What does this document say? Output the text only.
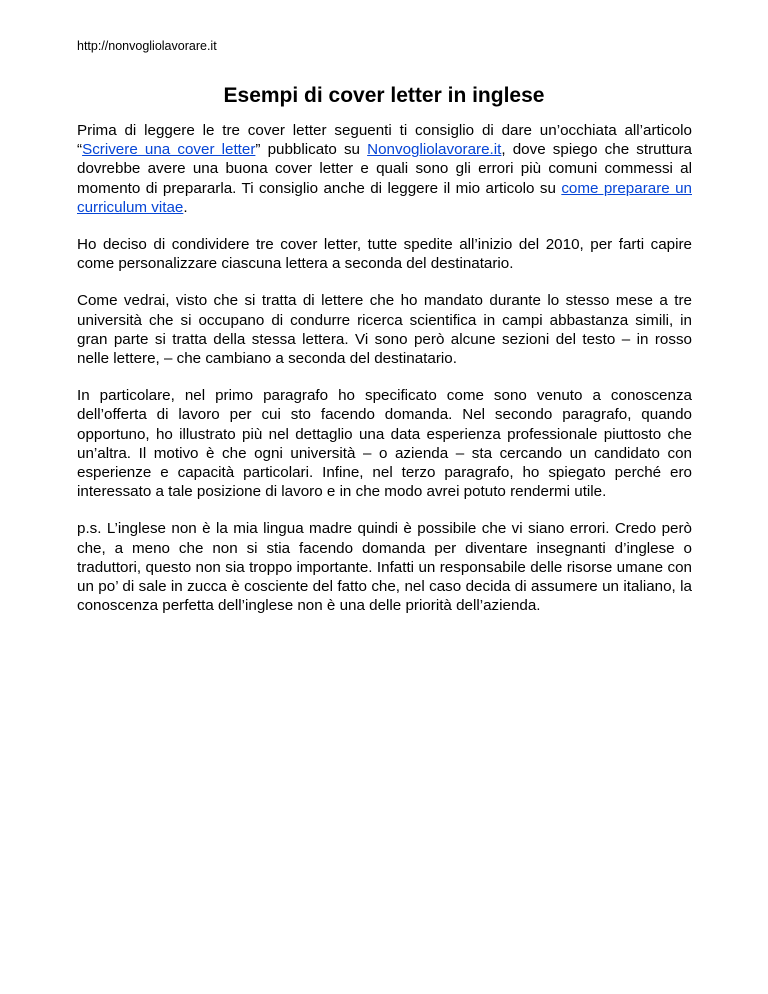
http://nonvogliolavorare.it
Esempi di cover letter in inglese

Prima di leggere le tre cover letter seguenti ti consiglio di dare un’occhiata all’articolo “Scrivere una cover letter” pubblicato su Nonvogliolavorare.it, dove spiego che struttura dovrebbe avere una buona cover letter e quali sono gli errori più comuni commessi al momento di prepararla. Ti consiglio anche di leggere il mio articolo su come preparare un curriculum vitae.

Ho deciso di condividere tre cover letter, tutte spedite all’inizio del 2010, per farti capire come personalizzare ciascuna lettera a seconda del destinatario.

Come vedrai, visto che si tratta di lettere che ho mandato durante lo stesso mese a tre università che si occupano di condurre ricerca scientifica in campi abbastanza simili, in gran parte si tratta della stessa lettera. Vi sono però alcune sezioni del testo – in rosso nelle lettere, – che cambiano a seconda del destinatario.

In particolare, nel primo paragrafo ho specificato come sono venuto a conoscenza dell’offerta di lavoro per cui sto facendo domanda. Nel secondo paragrafo, quando opportuno, ho illustrato più nel dettaglio una data esperienza professionale piuttosto che un’altra. Il motivo è che ogni università – o azienda – sta cercando un candidato con esperienze e capacità particolari. Infine, nel terzo paragrafo, ho spiegato perché ero interessato a tale posizione di lavoro e in che modo avrei potuto rendermi utile.

p.s. L’inglese non è la mia lingua madre quindi è possibile che vi siano errori. Credo però che, a meno che non si stia facendo domanda per diventare insegnanti d’inglese o traduttori, questo non sia troppo importante. Infatti un responsabile delle risorse umane con un po’ di sale in zucca è cosciente del fatto che, nel caso decida di assumere un italiano, la conoscenza perfetta dell’inglese non è una delle priorità dell’azienda.
